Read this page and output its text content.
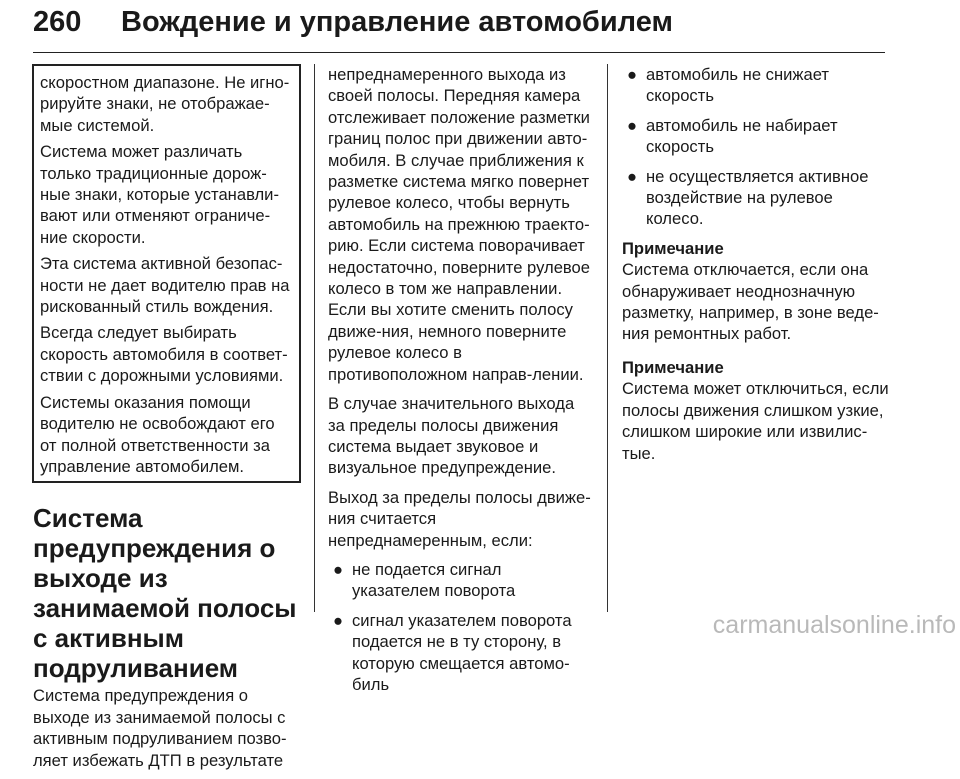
260 Вождение и управление автомобилем

скоростном диапазоне. Не игно-рируйте знаки, не отображае-мые системой.

Система может различать только традиционные дорож-ные знаки, которые устанавли-вают или отменяют ограниче-ние скорости.

Эта система активной безопас-ности не дает водителю прав на рискованный стиль вождения.

Всегда следует выбирать скорость автомобиля в соответ-ствии с дорожными условиями.

Системы оказания помощи водителю не освобождают его от полной ответственности за управление автомобилем.

Система предупреждения о выходе из занимаемой полосы с активным подруливанием

Система предупреждения о выходе из занимаемой полосы с активным подруливанием позво-ляет избежать ДТП в результате

непреднамеренного выхода из своей полосы. Передняя камера отслеживает положение разметки границ полос при движении авто-мобиля. В случае приближения к разметке система мягко повернет рулевое колесо, чтобы вернуть автомобиль на прежнюю траекто-рию. Если система поворачивает недостаточно, поверните рулевое колесо в том же направлении. Если вы хотите сменить полосу движе-ния, немного поверните рулевое колесо в противоположном направ-лении.

В случае значительного выхода за пределы полосы движения система выдает звуковое и визуальное предупреждение.

Выход за пределы полосы движе-ния считается непреднамеренным, если:

● не подается сигнал указателем поворота
● сигнал указателем поворота подается не в ту сторону, в которую смещается автомо-биль
● автомобиль не снижает скорость
● автомобиль не набирает скорость
● не осуществляется активное воздействие на рулевое колесо.
Примечание

Система отключается, если она обнаруживает неоднозначную разметку, например, в зоне веде-ния ремонтных работ.

Примечание

Система может отключиться, если полосы движения слишком узкие, слишком широкие или извилис-тые.

carmanualsonline.info
